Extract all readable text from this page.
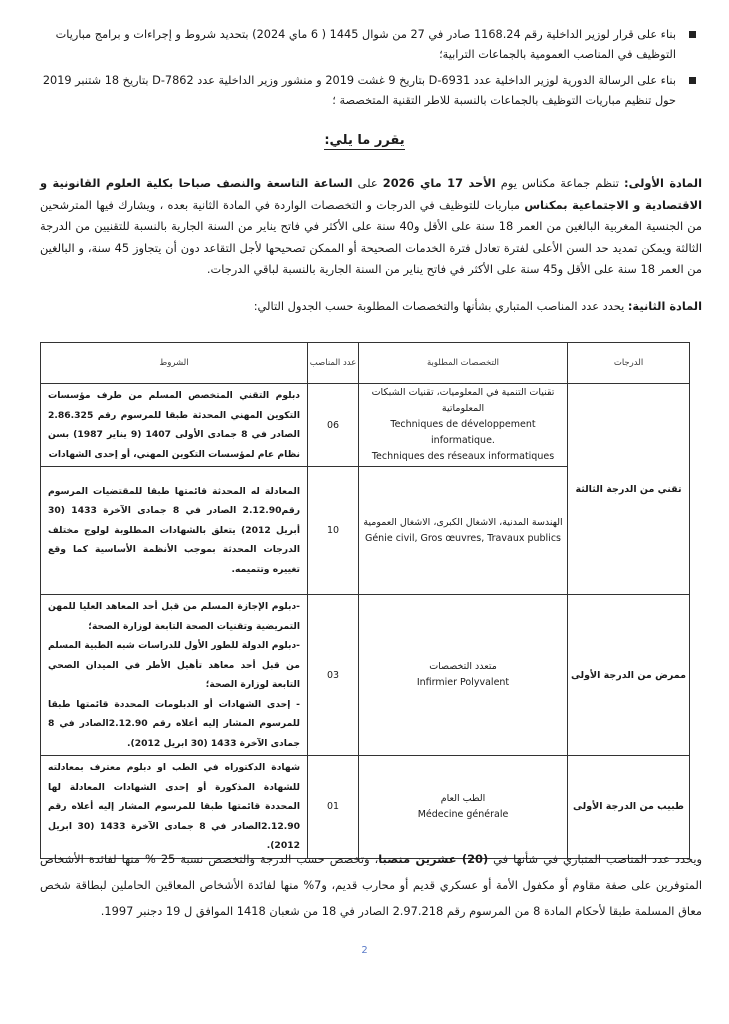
بناء على قرار لوزير الداخلية رقم 1168.24 صادر في 27 من شوال 1445 ( 6 ماي 2024) بتحديد شروط و إجراءات و برامج مباريات التوظيف في المناصب العمومية بالجماعات الترابية؛
بناء على الرسالة الدورية لوزير الداخلية عدد D-6931 بتاريخ 9 غشت 2019 و منشور وزير الداخلية عدد D-7862 بتاريخ 18 شتنبر 2019 حول تنظيم مباريات التوظيف بالجماعات بالنسبة للاطر التقنية المتخصصة ؛
يقرر ما يلي:
المادة الأولى: تنظم جماعة مكناس يوم الأحد 17 ماي 2026 على الساعة التاسعة والنصف صباحا بكلية العلوم القانونية و الاقتصادية و الاجتماعية بمكناس مباريات للتوظيف في الدرجات و التخصصات الواردة في المادة الثانية بعده ، ويشارك فيها المترشحين من الجنسية المغربية البالغين من العمر 18 سنة على الأقل و40 سنة على الأكثر في فاتح يناير من السنة الجارية بالنسبة للتقنيين من الدرجة الثالثة ويمكن تمديد حد السن الأعلى لفترة تعادل فترة الخدمات الصحيحة أو الممكن تصحيحها لأجل التقاعد دون أن يتجاوز 45 سنة، و البالغين من العمر 18 سنة على الأقل و45 سنة على الأكثر في فاتح يناير من السنة الجارية بالنسبة لباقي الدرجات.
المادة الثانية: يحدد عدد المناصب المتباري بشأنها والتخصصات المطلوبة حسب الجدول التالي:
الدرجات	التخصصات المطلوبة	عدد المناصب	الشروط
تقني من الدرجة الثالثة	تقنيات التنمية في المعلوميات، تقنيات الشبكات المعلوماتية
Techniques de développement informatique.
Techniques des réseaux informatiques	06	دبلوم التقني المتخصص المسلم من طرف مؤسسات التكوين المهني المحدثة طبقا للمرسوم رقم 2.86.325 الصادر في 8 جمادى الأولى 1407 (9 يناير 1987) بسن نظام عام لمؤسسات التكوين المهني، أو إحدى الشهادات

	الهندسة المدنية، الاشغال الكبرى، الاشغال العمومية
Génie civil, Gros œuvres, Travaux publics	10	المعادلة له المحدثة قائمتها طبقا للمقتضيات المرسوم رقم2.12.90 الصادر في 8 جمادى الآخرة 1433 (30 أبريل 2012) يتعلق بالشهادات المطلوبة لولوج مختلف الدرجات المحدثة بموجب الأنظمة الأساسية كما وقع تغييره وتتميمه.
ممرض من الدرجة الأولى	متعدد التخصصات
Infirmier Polyvalent	03	-دبلوم الإجازة المسلم من قبل أحد المعاهد العليا للمهن التمريضية وتقنيات الصحة التابعة لوزارة الصحة؛
-دبلوم الدولة للطور الأول للدراسات شبه الطبية المسلم من قبل أحد معاهد تأهيل الأطر في الميدان الصحي التابعة لوزارة الصحة؛
- إحدى الشهادات أو الدبلومات المحددة قائمتها طبقا للمرسوم المشار إليه أعلاه رقم 2.12.90الصادر في 8 جمادى الآخرة 1433 (30 ابريل 2012).

طبيب من الدرجة الأولى	الطب العام
Médecine générale	01	شهادة الدكتوراه في الطب او دبلوم معترف بمعادلته للشهادة المذكورة أو إحدى الشهادات المعادلة لها المحددة قائمتها طبقا للمرسوم المشار إليه أعلاه رقم 2.12.90الصادر في 8 جمادى الآخرة 1433 (30 ابريل 2012).
ويحدد عدد المناصب المتباري في شأنها في (20) عشرين منصبا، وتخصص حسب الدرجة والتخصص نسبة 25 % منها لفائدة الأشخاص المتوفرين على صفة مقاوم أو مكفول الأمة أو عسكري قديم أو محارب قديم، و7% منها لفائدة الأشخاص المعاقين الحاملين لبطاقة شخص معاق المسلمة طبقا لأحكام المادة 8 من المرسوم رقم 2.97.218 الصادر في 18 من شعبان 1418 الموافق ل 19 دجنبر 1997.
2
